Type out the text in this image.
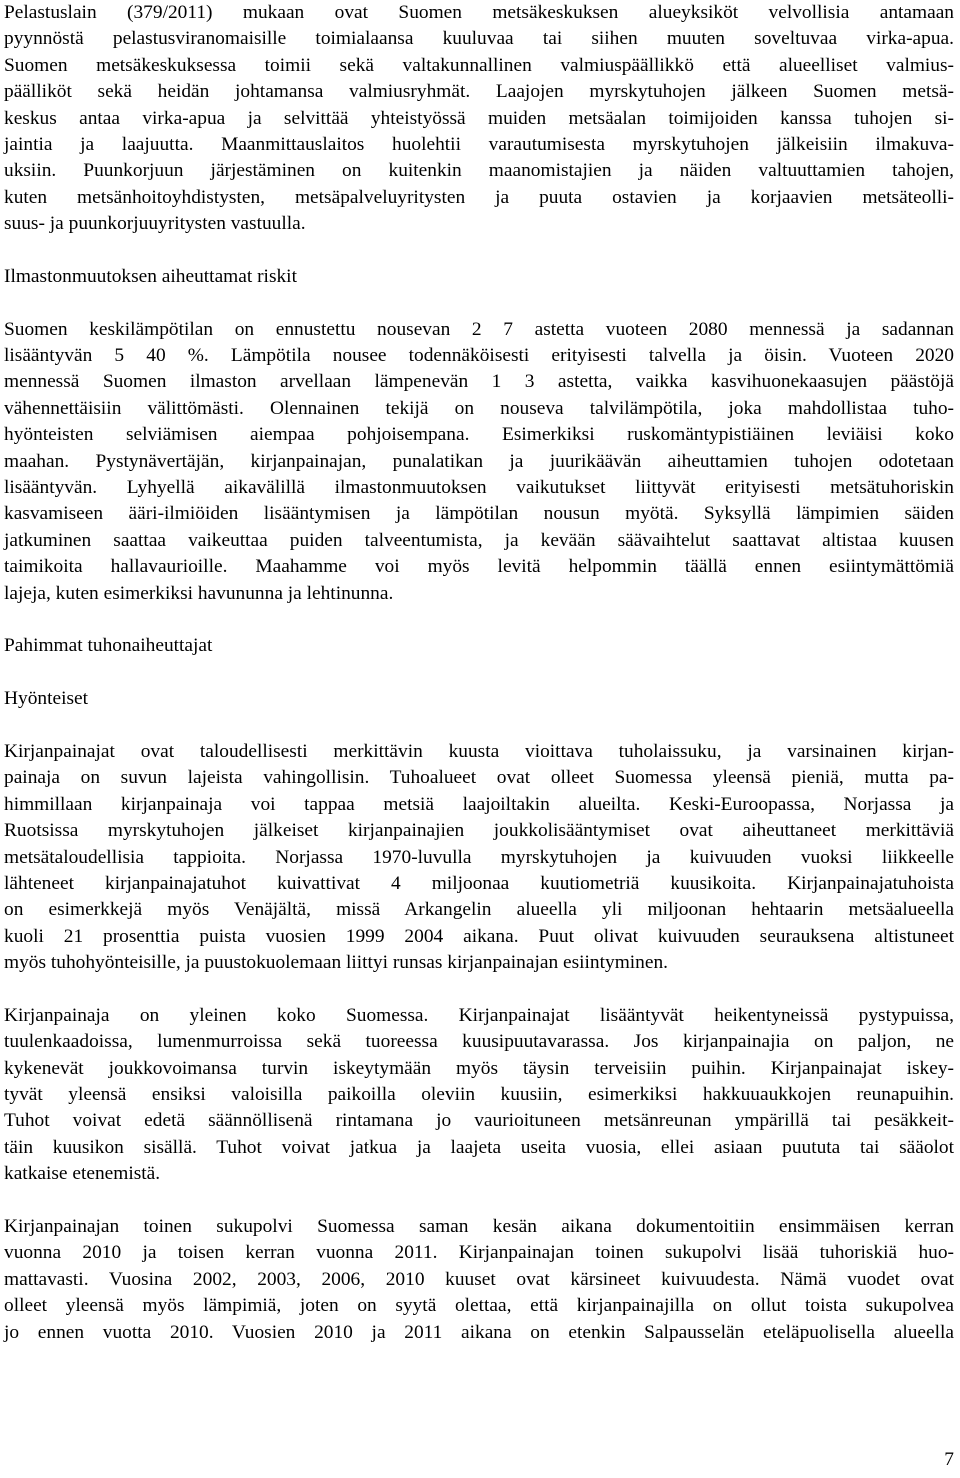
Pelastuslain (379/2011) mukaan ovat Suomen metsäkeskuksen alueyksiköt velvollisia antamaan
pyynnöstä pelastusviranomaisille toimialaansa kuuluvaa tai siihen muuten soveltuvaa virka-apua.
Suomen metsäkeskuksessa toimii sekä valtakunnallinen valmiuspäällikkö että alueelliset valmius-
päälliköt sekä heidän johtamansa valmiusryhmät. Laajojen myrskytuhojen jälkeen Suomen metsä-
keskus antaa virka-apua ja selvittää yhteistyössä muiden metsäalan toimijoiden kanssa tuhojen si-
jaintia ja laajuutta. Maanmittauslaitos huolehtii varautumisesta myrskytuhojen jälkeisiin ilmakuva-
uksiin. Puunkorjuun järjestäminen on kuitenkin maanomistajien ja näiden valtuuttamien tahojen,
kuten metsänhoitoyhdistysten, metsäpalveluyritysten ja puuta ostavien ja korjaavien metsäteolli-
suus- ja puunkorjuuyritysten vastuulla.
Ilmastonmuutoksen aiheuttamat riskit
Suomen keskilämpötilan on ennustettu nousevan 2 7 astetta vuoteen 2080 mennessä ja sadannan
lisääntyvän 5 40 %. Lämpötila nousee todennäköisesti erityisesti talvella ja öisin. Vuoteen 2020
mennessä Suomen ilmaston arvellaan lämpenevän 1 3 astetta, vaikka kasvihuonekaasujen päästöjä
vähennettäisiin välittömästi. Olennainen tekijä on nouseva talvilämpötila, joka mahdollistaa tuho-
hyönteisten selviämisen aiempaa pohjoisempana. Esimerkiksi ruskomäntypistiäinen leviäisi koko
maahan. Pystynävertäjän, kirjanpainajan, punalatikan ja juurikäävän aiheuttamien tuhojen odotetaan
lisääntyvän. Lyhyellä aikavälillä ilmastonmuutoksen vaikutukset liittyvät erityisesti metsätuhoriskin
kasvamiseen ääri-ilmiöiden lisääntymisen ja lämpötilan nousun myötä. Syksyllä lämpimien säiden
jatkuminen saattaa vaikeuttaa puiden talveentumista, ja kevään säävaihtelut saattavat altistaa kuusen
taimikoita hallavaurioille. Maahamme voi myös levitä helpommin täällä ennen esiintymättömiä
lajeja, kuten esimerkiksi havununna ja lehtinunna.
Pahimmat tuhonaiheuttajat
Hyönteiset
Kirjanpainajat ovat taloudellisesti merkittävin kuusta vioittava tuholaissuku, ja varsinainen kirjan-
painaja on suvun lajeista vahingollisin. Tuhoalueet ovat olleet Suomessa yleensä pieniä, mutta pa-
himmillaan kirjanpainaja voi tappaa metsiä laajoiltakin alueilta. Keski-Euroopassa, Norjassa ja
Ruotsissa myrskytuhojen jälkeiset kirjanpainajien joukkolisääntymiset ovat aiheuttaneet merkittäviä
metsätaloudellisia tappioita. Norjassa 1970-luvulla myrskytuhojen ja kuivuuden vuoksi liikkeelle
lähteneet kirjanpainajatuhot kuivattivat 4 miljoonaa kuutiometriä kuusikoita. Kirjanpainajatuhoista
on esimerkkejä myös Venäjältä, missä Arkangelin alueella yli miljoonan hehtaarin metsäalueella
kuoli 21 prosenttia puista vuosien 1999 2004 aikana. Puut olivat kuivuuden seurauksena altistuneet
myös tuhohyönteisille, ja puustokuolemaan liittyi runsas kirjanpainajan esiintyminen.
Kirjanpainaja on yleinen koko Suomessa. Kirjanpainajat lisääntyvät heikentyneissä pystypuissa,
tuulenkaadoissa, lumenmurroissa sekä tuoreessa kuusipuutavarassa. Jos kirjanpainajia on paljon, ne
kykenevät joukkovoimansa turvin iskeytymään myös täysin terveisiin puihin. Kirjanpainajat iskey-
tyvät yleensä ensiksi valoisilla paikoilla oleviin kuusiin, esimerkiksi hakkuuaukkojen reunapuihin.
Tuhot voivat edetä säännöllisenä rintamana jo vaurioituneen metsänreunan ympärillä tai pesäkkeit-
täin kuusikon sisällä. Tuhot voivat jatkua ja laajeta useita vuosia, ellei asiaan puututa tai sääolot
katkaise etenemistä.
Kirjanpainajan toinen sukupolvi Suomessa saman kesän aikana dokumentoitiin ensimmäisen kerran
vuonna 2010 ja toisen kerran vuonna 2011. Kirjanpainajan toinen sukupolvi lisää tuhoriskiä huo-
mattavasti. Vuosina 2002, 2003, 2006, 2010 kuuset ovat kärsineet kuivuudesta. Nämä vuodet ovat
olleet yleensä myös lämpimiä, joten on syytä olettaa, että kirjanpainajilla on ollut toista sukupolvea
jo ennen vuotta 2010. Vuosien 2010 ja 2011 aikana on etenkin Salpausselän eteläpuolisella alueella
7
